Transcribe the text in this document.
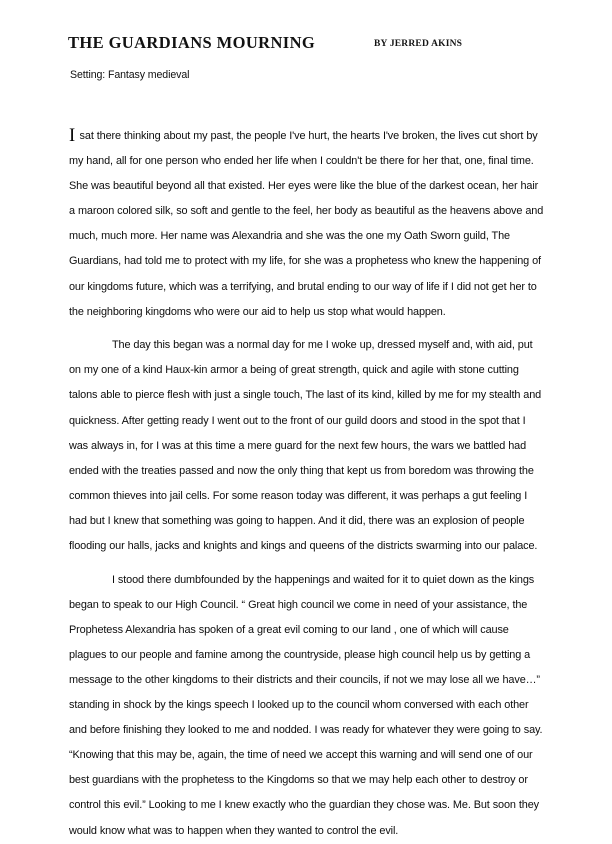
THE GUARDIANS MOURNING	BY JERRED AKINS
Setting: Fantasy medieval

I sat there thinking about my past, the people I've hurt, the hearts I've broken, the lives cut short by my hand, all for one person who ended her life when I couldn't be there for her that, one, final time. She was beautiful beyond all that existed. Her eyes were like the blue of the darkest ocean, her hair a maroon colored silk, so soft and gentle to the feel, her body as beautiful as the heavens above and much, much more. Her name was Alexandria and she was the one my Oath Sworn guild, The Guardians, had told me to protect with my life, for she was a prophetess who knew the happening of our kingdoms future, which was a terrifying, and brutal ending to our way of life if I did not get her to the neighboring kingdoms who were our aid to help us stop what would happen.

The day this began was a normal day for me I woke up, dressed myself and, with aid, put on my one of a kind Haux-kin armor a being of great strength, quick and agile with stone cutting talons able to pierce flesh with just a single touch, The last of its kind, killed by me for my stealth and quickness. After getting ready I went out to the front of our guild doors and stood in the spot that I was always in, for I was at this time a mere guard for the next few hours, the wars we battled had ended with the treaties passed and now the only thing that kept us from boredom was throwing the common thieves into jail cells. For some reason today was different, it was perhaps a gut feeling I had but I knew that something was going to happen. And it did, there was an explosion of people flooding our halls, jacks and knights and kings and queens of the districts swarming into our palace.

I stood there dumbfounded by the happenings and waited for it to quiet down as the kings began to speak to our High Council. “ Great high council we come in need of your assistance, the Prophetess Alexandria has spoken of a great evil coming to our land , one of which will cause plagues to our people and famine among the countryside, please high council help us by getting a message to the other kingdoms to their districts and their councils, if not we may lose all we have…” standing in shock by the kings speech I looked up to the council whom conversed with each other and before finishing they looked to me and nodded. I was ready for whatever they were going to say. “Knowing that this may be, again, the time of need we accept this warning and will send one of our best guardians with the prophetess to the Kingdoms so that we may help each other to destroy or control this evil.” Looking to me I knew exactly who the guardian they chose was. Me. But soon they would know what was to happen when they wanted to control the evil.
